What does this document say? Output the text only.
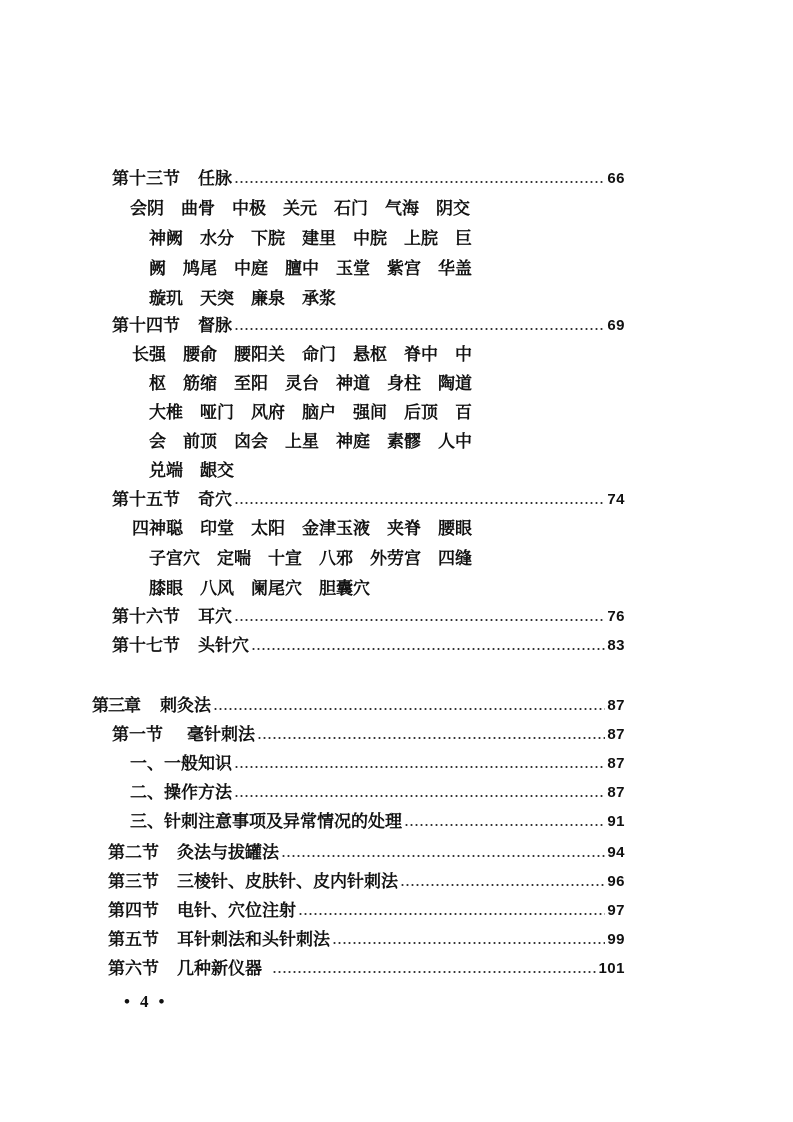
第十三节 任脉	66
会阴 曲骨 中极 关元 石门 气海 阴交
神阙 水分 下脘 建里 中脘 上脘 巨
阙 鸠尾 中庭 膻中 玉堂 紫宫 华盖
璇玑 天突 廉泉 承浆
第十四节 督脉	69
长强 腰俞 腰阳关 命门 悬枢 脊中 中
枢 筋缩 至阳 灵台 神道 身柱 陶道
大椎 哑门 风府 脑户 强间 后顶 百
会 前顶 囟会 上星 神庭 素髎 人中
兑端 龈交
第十五节 奇穴	74
四神聪 印堂 太阳 金津玉液 夹脊 腰眼
子宫穴 定喘 十宣 八邪 外劳宫 四缝
膝眼 八风 阑尾穴 胆囊穴
第十六节 耳穴	76
第十七节 头针穴	83
第三章 刺灸法	87
第一节 毫针刺法	87
一、一般知识	87
二、操作方法	87
三、针刺注意事项及异常情况的处理	91
第二节 灸法与拔罐法	94
第三节 三棱针、皮肤针、皮内针刺法	96
第四节 电针、穴位注射	97
第五节 耳针刺法和头针刺法	99
第六节 几种新仪器	101
• 4 •
